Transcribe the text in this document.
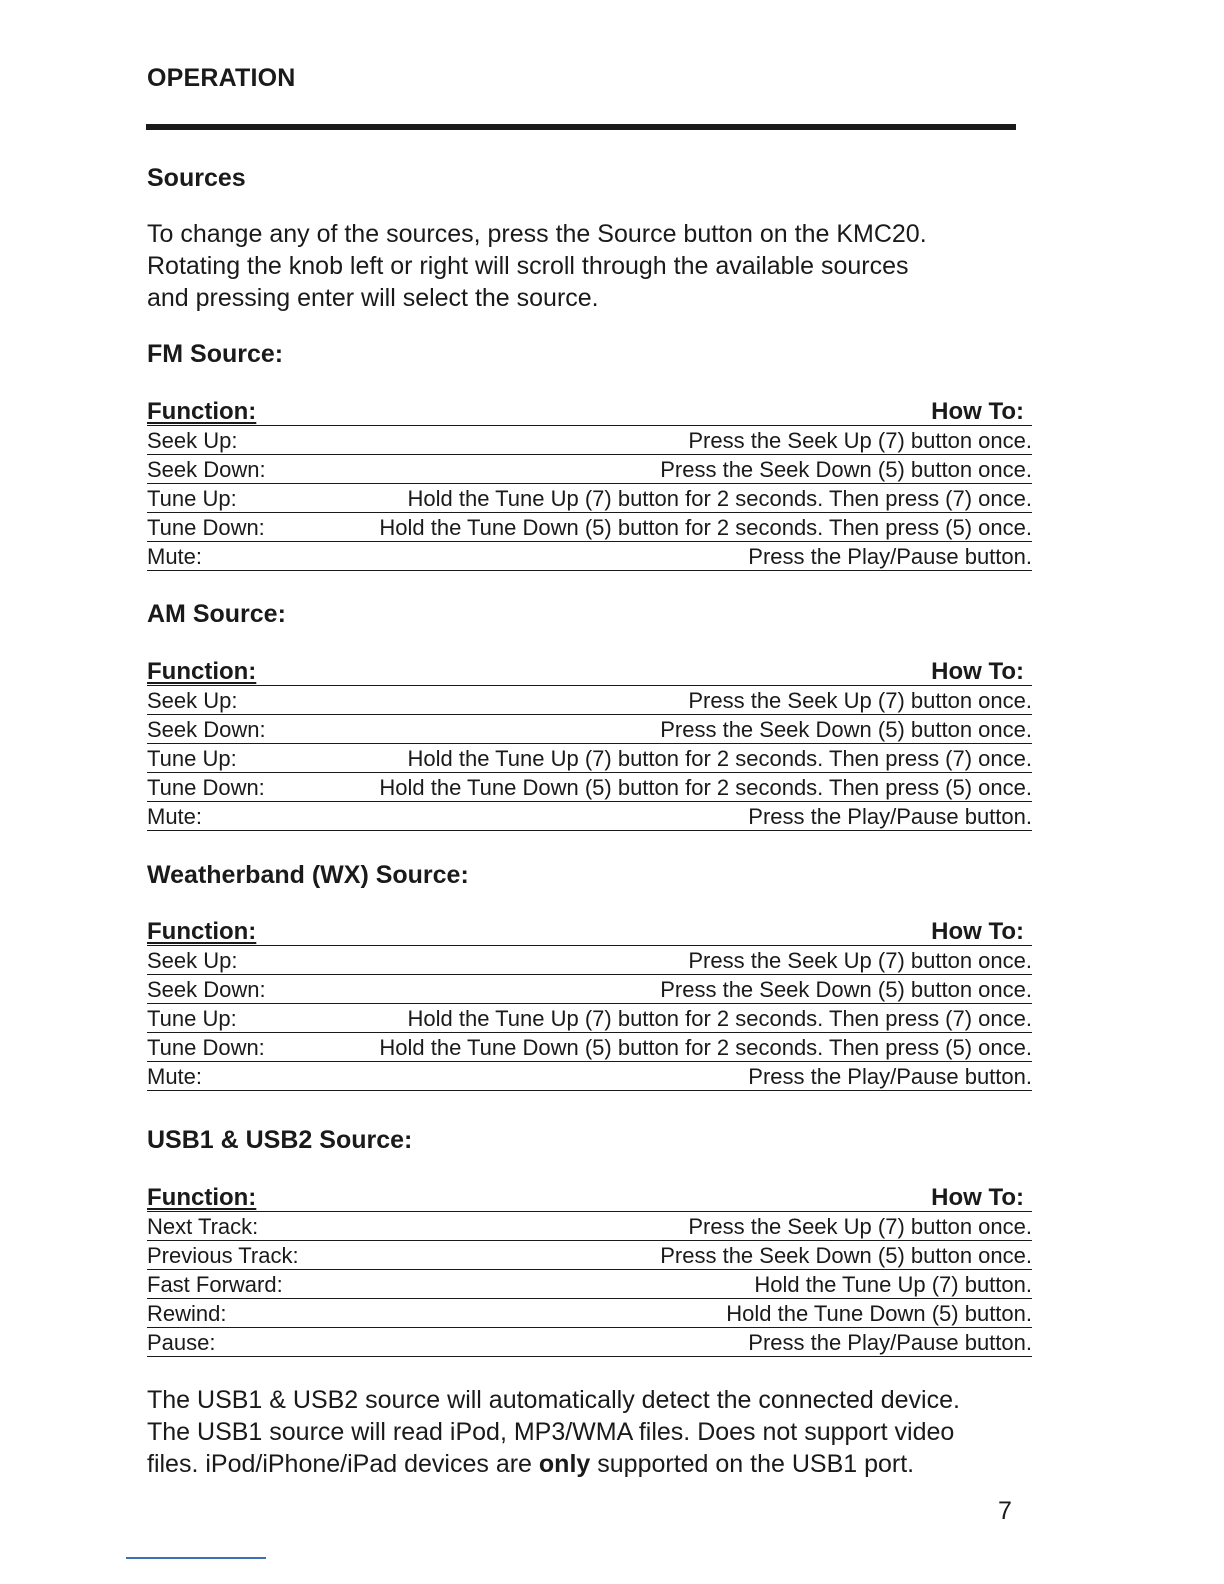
OPERATION
Sources

To change any of the sources, press the Source button on the KMC20.

Rotating the knob left or right will scroll through the available sources

and pressing enter will select the source.

FM Source:
Function:	How To:
Seek Up:	Press the Seek Up (7) button once.
Seek Down:	Press the Seek Down (5) button once.
Tune Up:	Hold the Tune Up (7) button for 2 seconds. Then press (7) once.
Tune Down:	Hold the Tune Down (5) button for 2 seconds. Then press (5) once.
Mute:	Press the Play/Pause button.
AM Source:
Function:	How To:
Seek Up:	Press the Seek Up (7) button once.
Seek Down:	Press the Seek Down (5) button once.
Tune Up:	Hold the Tune Up (7) button for 2 seconds. Then press (7) once.
Tune Down:	Hold the Tune Down (5) button for 2 seconds. Then press (5) once.
Mute:	Press the Play/Pause button.
Weatherband (WX) Source:
Function:	How To:
Seek Up:	Press the Seek Up (7) button once.
Seek Down:	Press the Seek Down (5) button once.
Tune Up:	Hold the Tune Up (7) button for 2 seconds. Then press (7) once.
Tune Down:	Hold the Tune Down (5) button for 2 seconds. Then press (5) once.
Mute:	Press the Play/Pause button.
USB1 & USB2 Source:
Function:	How To:
Next Track:	Press the Seek Up (7) button once.
Previous Track:	Press the Seek Down (5) button once.
Fast Forward:	Hold the Tune Up (7) button.
Rewind:	Hold the Tune Down (5) button.
Pause:	Press the Play/Pause button.

The USB1 & USB2 source will automatically detect the connected device.

The USB1 source will read iPod, MP3/WMA files. Does not support video

files. iPod/iPhone/iPad devices are only supported on the USB1 port.

7
